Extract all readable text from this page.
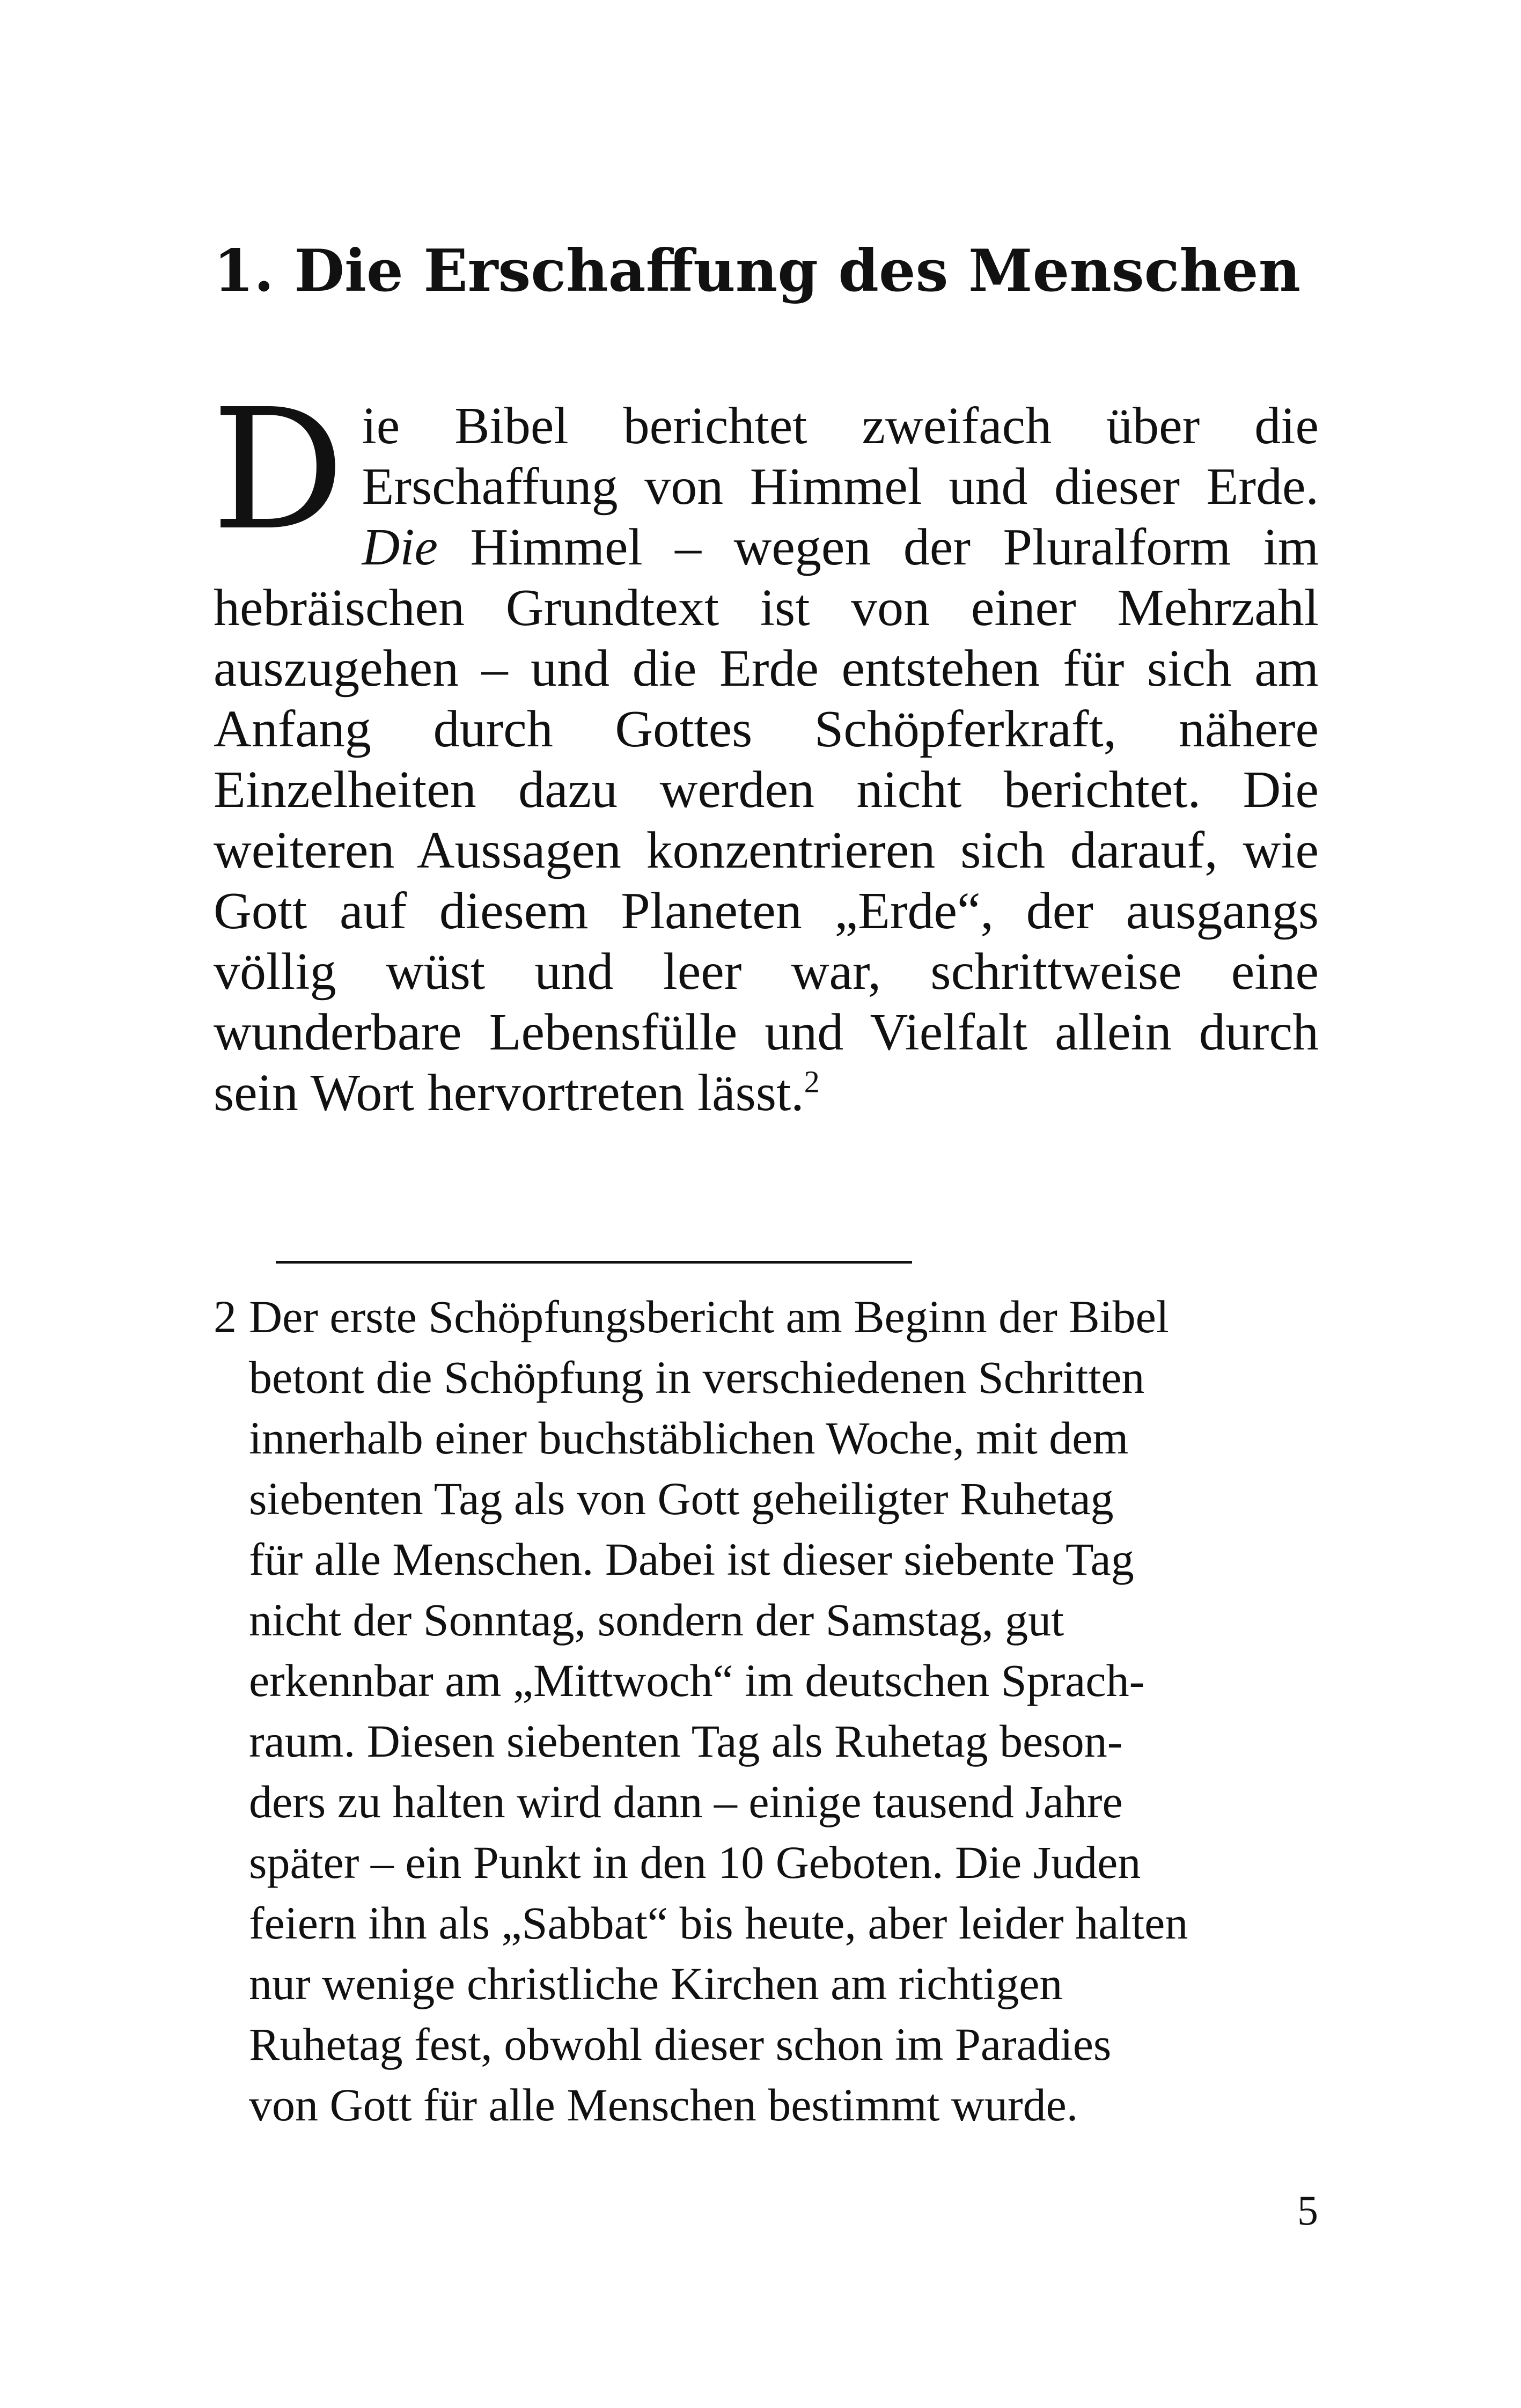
1. Die Erschaffung des Menschen

Die Bibel berichtet zweifach über die Erschaffung von Himmel und dieser Erde. Die Himmel – wegen der Pluralform im hebräischen Grundtext ist von einer Mehrzahl auszugehen – und die Erde entstehen für sich am Anfang durch Gottes Schöpferkraft, nähere Einzelheiten dazu werden nicht berichtet. Die weiteren Aussagen konzentrieren sich darauf, wie Gott auf diesem Planeten „Erde“, der ausgangs völlig wüst und leer war, schrittweise eine wunderbare Lebensfülle und Vielfalt allein durch sein Wort hervortreten lässt.$^2$

2 Der erste Schöpfungsbericht am Beginn der Bibel
betont die Schöpfung in verschiedenen Schritten
innerhalb einer buchstäblichen Woche, mit dem
siebenten Tag als von Gott geheiligter Ruhetag
für alle Menschen. Dabei ist dieser siebente Tag
nicht der Sonntag, sondern der Samstag, gut
erkennbar am „Mittwoch“ im deutschen Sprach-
raum. Diesen siebenten Tag als Ruhetag beson-
ders zu halten wird dann – einige tausend Jahre
später – ein Punkt in den 10 Geboten. Die Juden
feiern ihn als „Sabbat“ bis heute, aber leider halten
nur wenige christliche Kirchen am richtigen
Ruhetag fest, obwohl dieser schon im Paradies
von Gott für alle Menschen bestimmt wurde.
5
